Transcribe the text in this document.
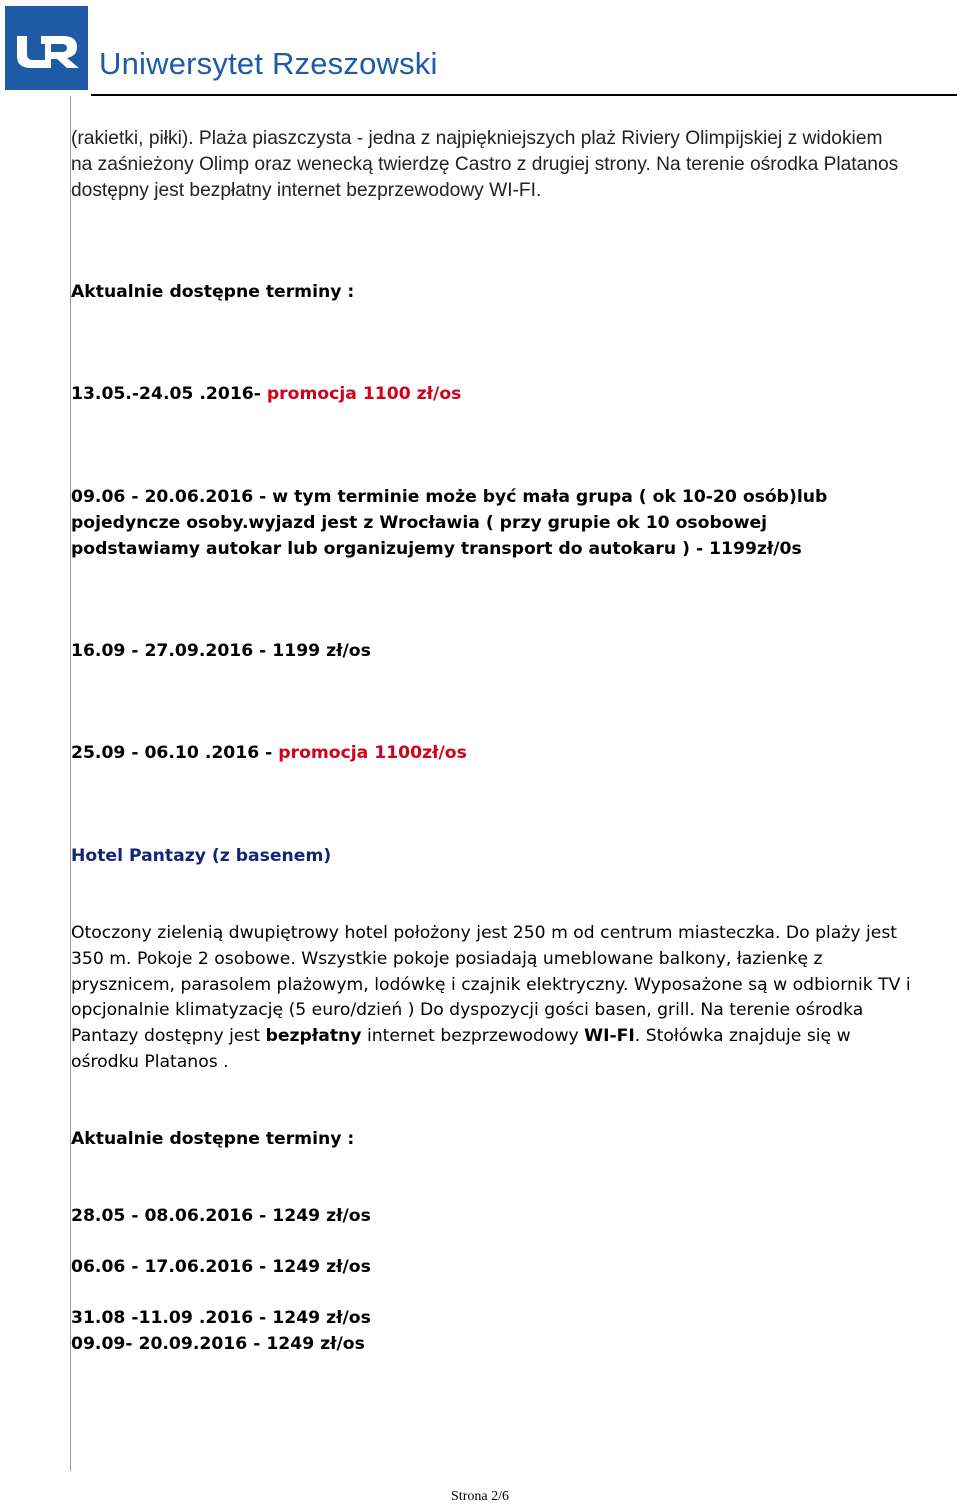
Uniwersytet Rzeszowski
(rakietki, piłki). Plaża piaszczysta - jedna z najpiękniejszych plaż Riviery Olimpijskiej z widokiem
na zaśnieżony Olimp oraz wenecką twierdzę Castro z drugiej strony. Na terenie ośrodka Platanos
dostępny jest bezpłatny internet bezprzewodowy WI-FI.
Aktualnie dostępne terminy :
13.05.-24.05 .2016- promocja 1100 zł/os
09.06 - 20.06.2016 - w tym terminie może być mała grupa ( ok 10-20 osób)lub
pojedyncze osoby.wyjazd jest z Wrocławia ( przy grupie ok 10 osobowej
podstawiamy autokar lub organizujemy transport do autokaru ) - 1199zł/0s
16.09 - 27.09.2016 - 1199 zł/os
25.09 - 06.10 .2016 - promocja 1100zł/os
Hotel Pantazy (z basenem)
Otoczony zielenią dwupiętrowy hotel położony jest 250 m od centrum miasteczka. Do plaży jest
350 m. Pokoje 2 osobowe. Wszystkie pokoje posiadają umeblowane balkony, łazienkę z
prysznicem, parasolem plażowym, lodówkę i czajnik elektryczny. Wyposażone są w odbiornik TV i
opcjonalnie klimatyzację (5 euro/dzień ) Do dyspozycji gości basen, grill. Na terenie ośrodka
Pantazy dostępny jest bezpłatny internet bezprzewodowy WI-FI. Stołówka znajduje się w
ośrodku Platanos .
Aktualnie dostępne terminy :
28.05 - 08.06.2016 - 1249 zł/os
06.06 - 17.06.2016 - 1249 zł/os
31.08 -11.09 .2016 - 1249 zł/os
09.09- 20.09.2016 - 1249 zł/os
Strona 2/6
